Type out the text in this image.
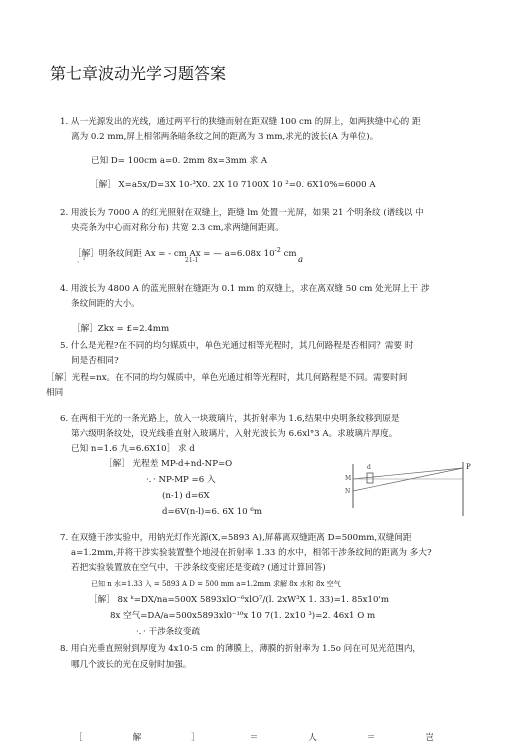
第七章波动光学习题答案
1. 从一光源发出的光线，通过两平行的狭缝而射在距双缝 100 cm 的屏上，如两狭缝中心的 距
离为 0.2 mm,屏上相邻两条暗条纹之间的距离为 3 mm,求光的波长(A 为单位)。
已知 D= 100cm a=0. 2mm 8x=3mm 求 A
［解］ X=a5x/D=3X 10-³X0. 2X 10 7100X 10 ²=0. 6X10%=6000 A
2. 用波长为 7000 A 的红光照射在双缝上，距缝 lm 处置一光屏，如果 21 个明条纹 (谱线以 中
央亮条为中心而对称分布) 共宽 2.3 cm,求两缝间距离。
［解］明条纹间距 Ax = - cm Ax = — a=6.08x $10^{-2}$ cm
、²	21-1	a
4. 用波长为 4800 A 的蓝光照射在缝距为 0.1 mm 的双缝上，求在离双缝 50 cm 处光屏上干 涉
条纹间距的大小。
［解］Zkx = £=2.4mm
5. 什么是光程?在不同的均匀媒质中，单色光通过相等光程时，其几何路程是否相同？需要 时
间是否相同?
［解］光程=nx。在不同的均匀媒质中，单色光通过相等光程时，其几何路程是不同。需要时间
相同
6. 在两相干光的一条光路上，放入一块玻璃片，其折射率为 1.6,结果中央明条纹移到原是
第六级明条纹处，设光线垂直射入玻璃片，入射光波长为 6.6xl°3 A。求玻璃片厚度。
已知 n=1.6 九=6.6X10］ 求 d
［解］ 光程差 MP-d+nd-NP=O
·．· NP-MP =6 入
(n-1) d=6X
d=6V(n-l)=6. 6X 10 ⁶m
M
N
d	P
7. 在双缝干涉实验中，用钠光灯作光源(X,=5893 A),屏幕离双缝距离 D=500mm,双缝间距
a=1.2mm,并将干涉实验装置整个地浸在折射率 1.33 的水中，相邻干涉条纹间的距离为 多大?
若把实验装置放在空气中，干涉条纹变密还是变疏? (通过计算回答)
已知 n 水=1.33 入 = 5893 A D = 500 mm a=1.2mm 求解 8x 水和 8x 空气
［解］ 8x ᵏ=DX/na=500X 5893xlO⁻⁶xlO⁷/(l. 2xW³X 1. 33)=1. 85x10'm
8x 空气=DA/a=500x5893xl0⁻¹⁰x 10 7(1. 2x10 ³)=2. 46x1 O m
·．· 干涉条纹变疏
8. 用白光垂直照射到厚度为 4x10-5 cm 的薄膜上，薄膜的折射率为 1.5o 问在可见光范围内，
哪几个波长的光在反射时加强。
［	解	］	＝	人	＝	岂
